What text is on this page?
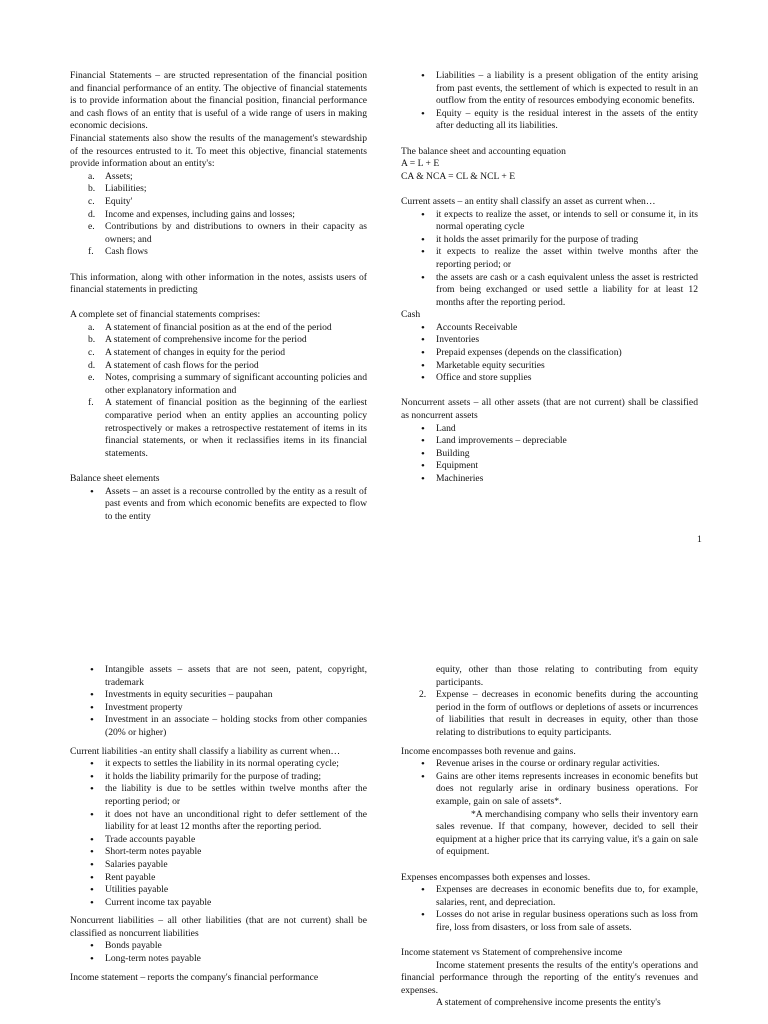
Financial Statements – are structed representation of the financial position and financial performance of an entity. The objective of financial statements is to provide information about the financial position, financial performance and cash flows of an entity that is useful of a wide range of users in making economic decisions.

Financial statements also show the results of the management's stewardship of the resources entrusted to it. To meet this objective, financial statements provide information about an entity's:

a. Assets;
b. Liabilities;
c. Equity'
d. Income and expenses, including gains and losses;
e. Contributions by and distributions to owners in their capacity as owners; and
f. Cash flows

This information, along with other information in the notes, assists users of financial statements in predicting

A complete set of financial statements comprises:

a. A statement of financial position as at the end of the period
b. A statement of comprehensive income for the period
c. A statement of changes in equity for the period
d. A statement of cash flows for the period
e. Notes, comprising a summary of significant accounting policies and other explanatory information and
f. A statement of financial position as the beginning of the earliest comparative period when an entity applies an accounting policy retrospectively or makes a retrospective restatement of items in its financial statements, or when it reclassifies items in its financial statements.

Balance sheet elements

• Assets – an asset is a recourse controlled by the entity as a result of past events and from which economic benefits are expected to flow to the entity
• Liabilities – a liability is a present obligation of the entity arising from past events, the settlement of which is expected to result in an outflow from the entity of resources embodying economic benefits.
• Equity – equity is the residual interest in the assets of the entity after deducting all its liabilities.

The balance sheet and accounting equation

A = L + E

CA & NCA = CL & NCL + E

Current assets – an entity shall classify an asset as current when…

• it expects to realize the asset, or intends to sell or consume it, in its normal operating cycle
• it holds the asset primarily for the purpose of trading
• it expects to realize the asset within twelve months after the reporting period; or
• the assets are cash or a cash equivalent unless the asset is restricted from being exchanged or used settle a liability for at least 12 months after the reporting period.

Cash

• Accounts Receivable
• Inventories
• Prepaid expenses (depends on the classification)
• Marketable equity securities
• Office and store supplies

Noncurrent assets – all other assets (that are not current) shall be classified as noncurrent assets

• Land
• Land improvements – depreciable
• Building
• Equipment
• Machineries
1
• Intangible assets – assets that are not seen, patent, copyright, trademark
• Investments in equity securities – paupahan
• Investment property
• Investment in an associate – holding stocks from other companies (20% or higher)

Current liabilities -an entity shall classify a liability as current when…

• it expects to settles the liability in its normal operating cycle;
• it holds the liability primarily for the purpose of trading;
• the liability is due to be settles within twelve months after the reporting period; or
• it does not have an unconditional right to defer settlement of the liability for at least 12 months after the reporting period.
• Trade accounts payable
• Short-term notes payable
• Salaries payable
• Rent payable
• Utilities payable
• Current income tax payable

Noncurrent liabilities – all other liabilities (that are not current) shall be classified as noncurrent liabilities

• Bonds payable
• Long-term notes payable

Income statement – reports the company's financial performance

equity, other than those relating to contributing from equity participants.

2. Expense – decreases in economic benefits during the accounting period in the form of outflows or depletions of assets or incurrences of liabilities that result in decreases in equity, other than those relating to distributions to equity participants.

Income encompasses both revenue and gains.

• Revenue arises in the course or ordinary regular activities.
• Gains are other items represents increases in economic benefits but does not regularly arise in ordinary business operations. For example, gain on sale of assets*.

*A merchandising company who sells their inventory earn sales revenue. If that company, however, decided to sell their equipment at a higher price that its carrying value, it's a gain on sale of equipment.

Expenses encompasses both expenses and losses.

• Expenses are decreases in economic benefits due to, for example, salaries, rent, and depreciation.
• Losses do not arise in regular business operations such as loss from fire, loss from disasters, or loss from sale of assets.

Income statement vs Statement of comprehensive income

Income statement presents the results of the entity's operations and financial performance through the reporting of the entity's revenues and expenses.

A statement of comprehensive income presents the entity's
